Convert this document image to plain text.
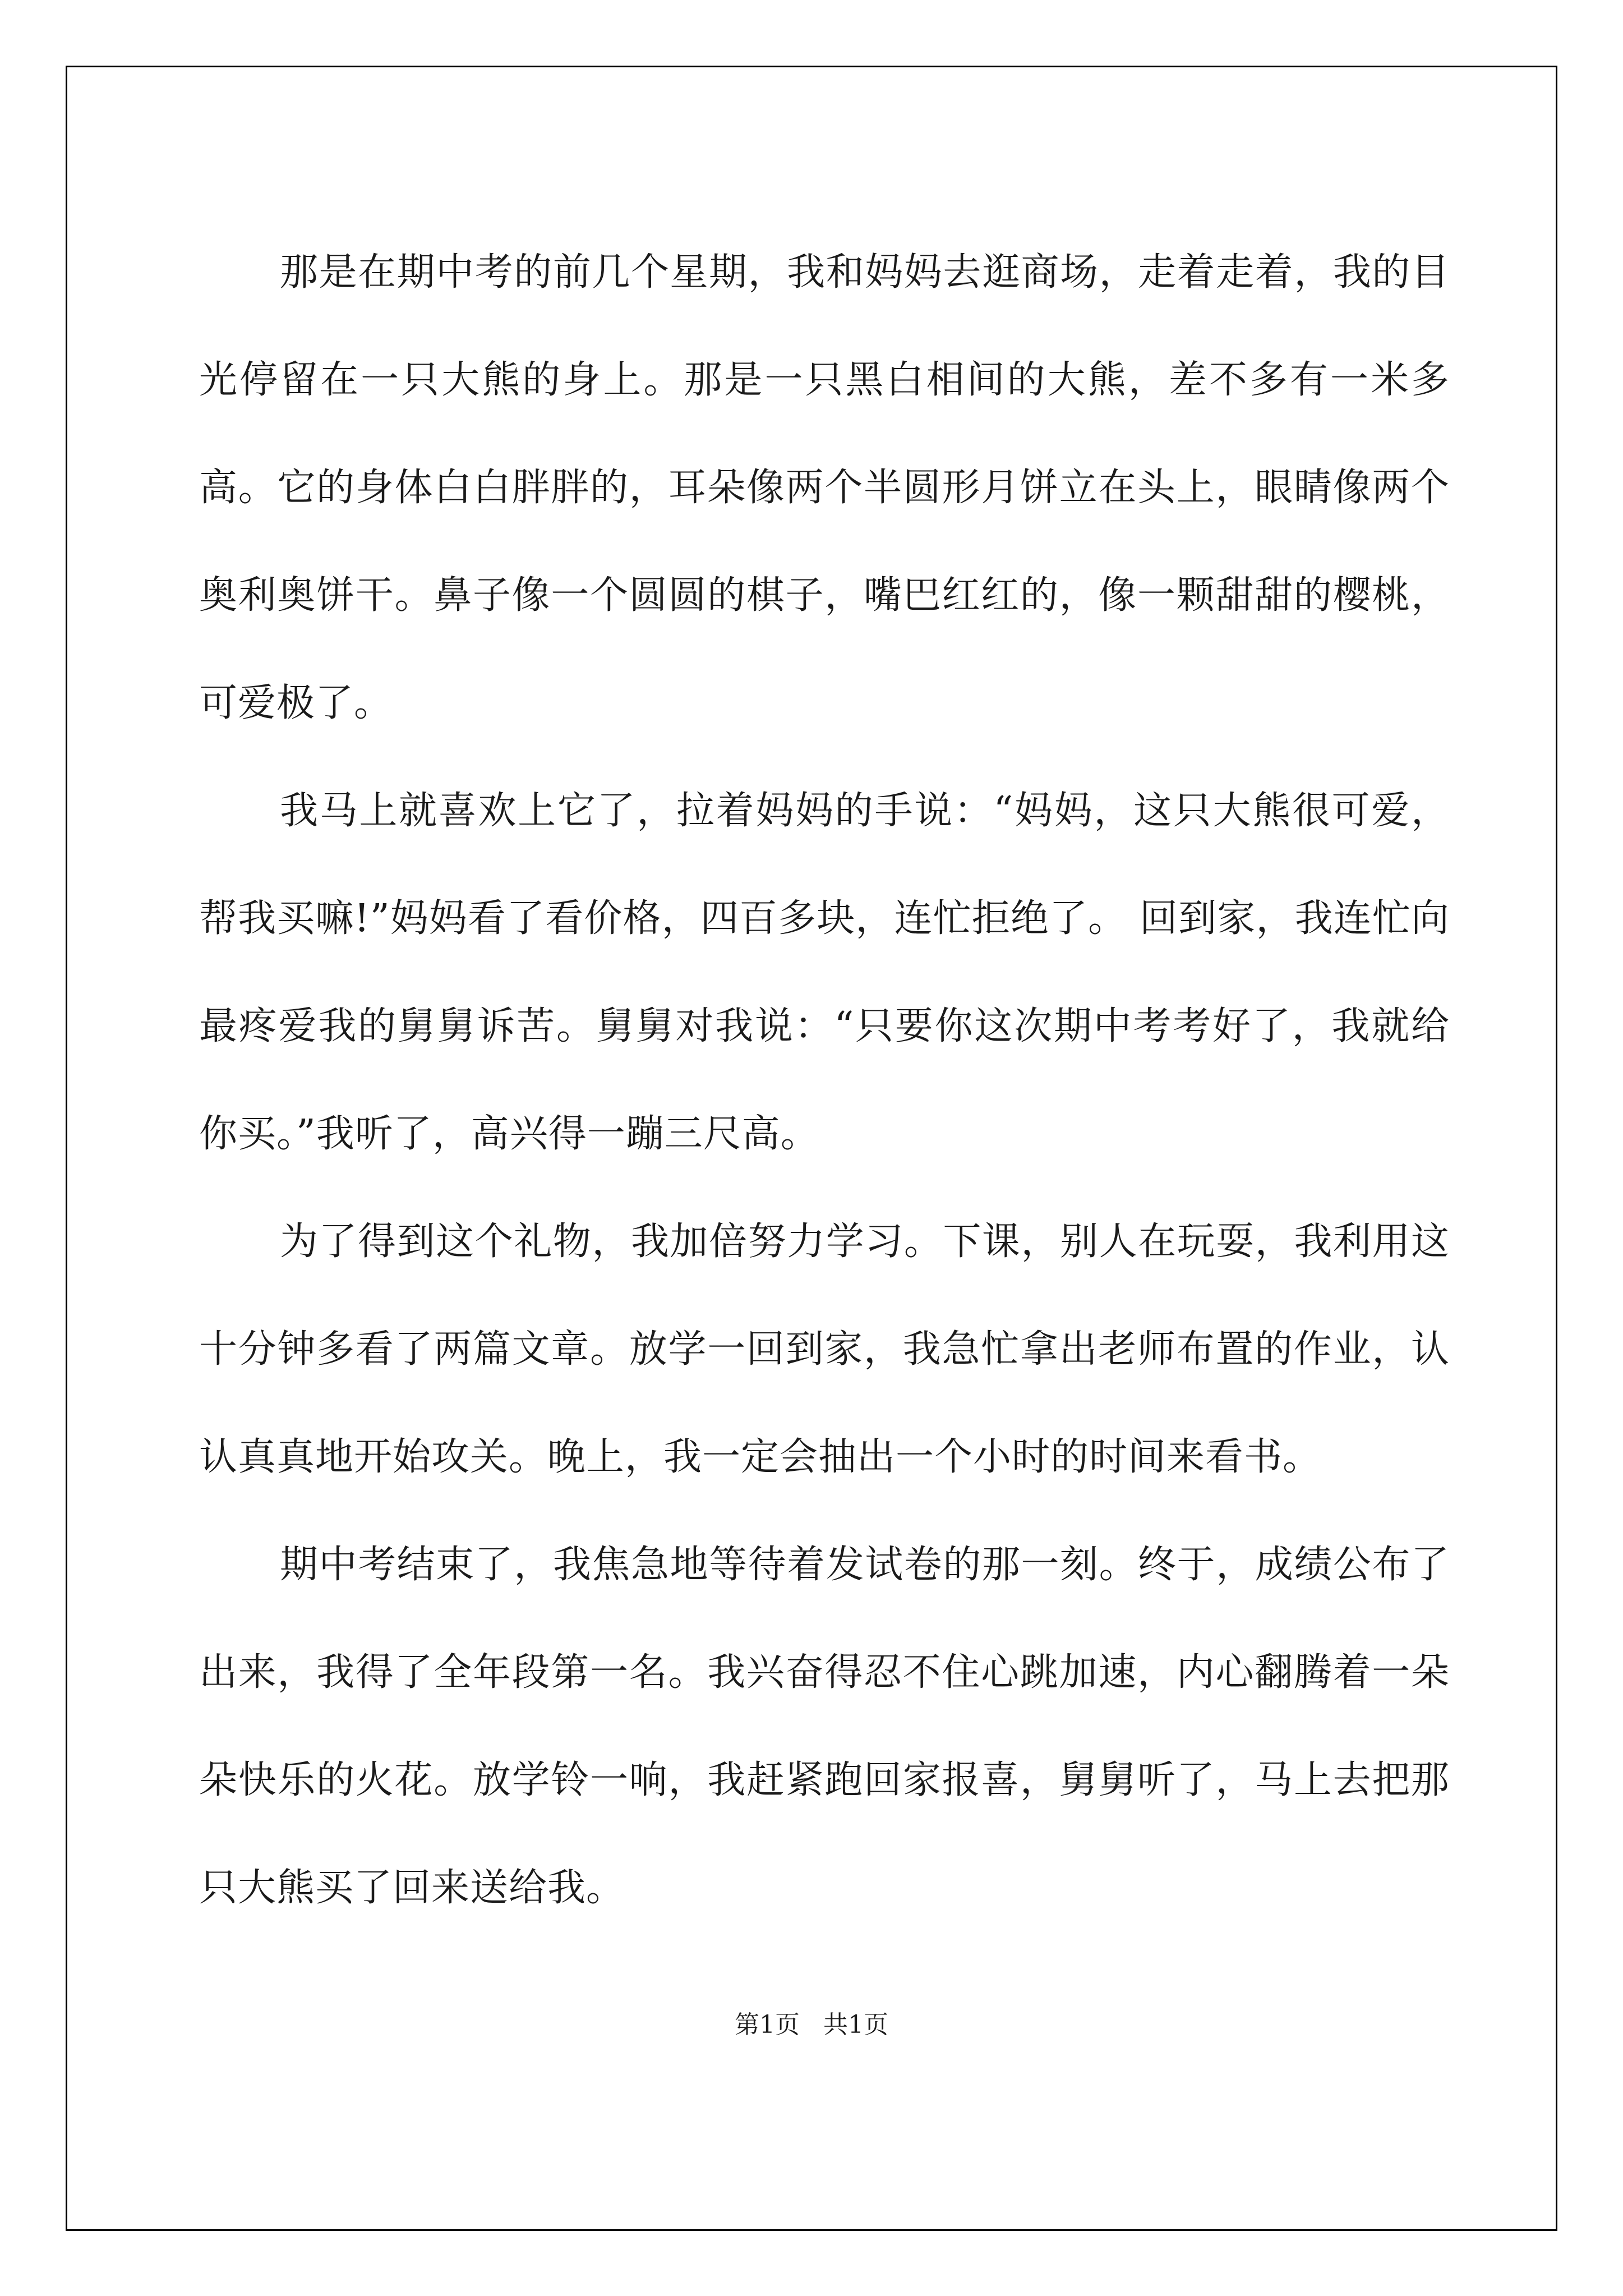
那是在期中考的前几个星期，我和妈妈去逛商场，走着走着，我的目光停留在一只大熊的身上。那是一只黑白相间的大熊，差不多有一米多高。它的身体白白胖胖的，耳朵像两个半圆形月饼立在头上，眼睛像两个奥利奥饼干。鼻子像一个圆圆的棋子，嘴巴红红的，像一颗甜甜的樱桃，可爱极了。

我马上就喜欢上它了，拉着妈妈的手说：“妈妈，这只大熊很可爱，帮我买嘛!”妈妈看了看价格，四百多块，连忙拒绝了。 回到家，我连忙向最疼爱我的舅舅诉苦。舅舅对我说：“只要你这次期中考考好了，我就给你买。”我听了，高兴得一蹦三尺高。

为了得到这个礼物，我加倍努力学习。下课，别人在玩耍，我利用这十分钟多看了两篇文章。放学一回到家，我急忙拿出老师布置的作业，认认真真地开始攻关。晚上，我一定会抽出一个小时的时间来看书。

期中考结束了，我焦急地等待着发试卷的那一刻。终于，成绩公布了出来，我得了全年段第一名。我兴奋得忍不住心跳加速，内心翻腾着一朵朵快乐的火花。放学铃一响，我赶紧跑回家报喜，舅舅听了，马上去把那只大熊买了回来送给我。

第1页   共1页
